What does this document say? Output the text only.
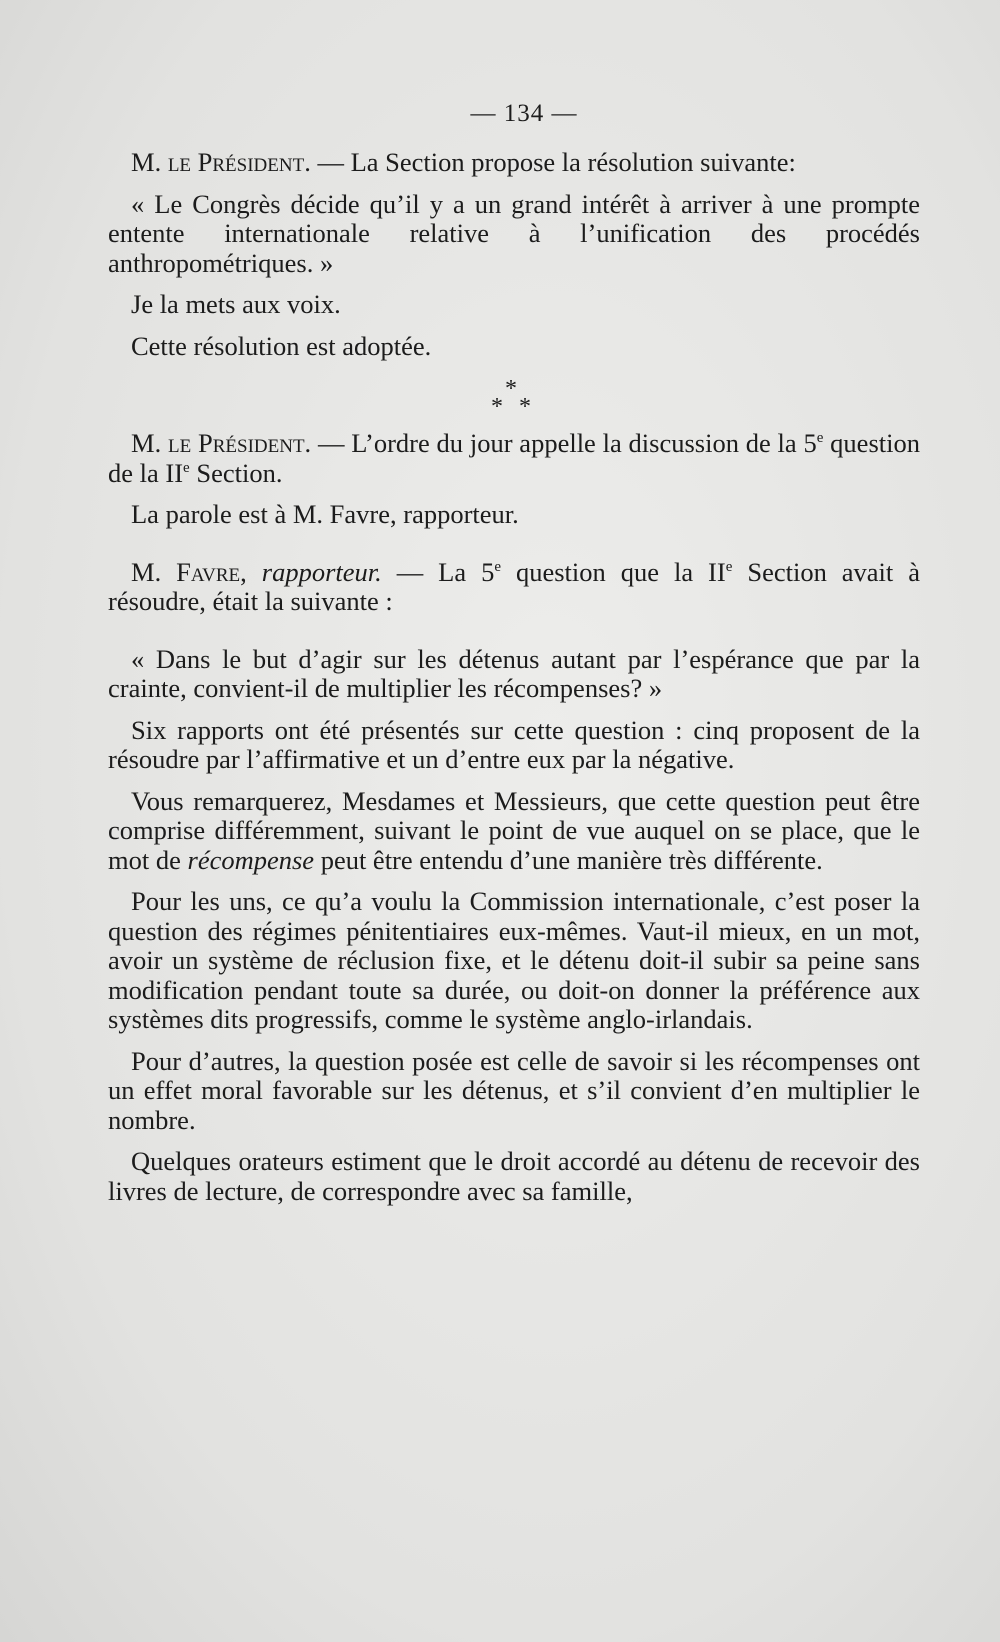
— 134 —

M. le Président. — La Section propose la résolution suivante:

« Le Congrès décide qu’il y a un grand intérêt à arriver à une prompte entente internationale relative à l’unification des procédés anthropométriques. »

Je la mets aux voix.

Cette résolution est adoptée.

*
* *

M. le Président. — L’ordre du jour appelle la discussion de la 5e question de la IIe Section.

La parole est à M. Favre, rapporteur.

M. Favre, rapporteur. — La 5e question que la IIe Section avait à résoudre, était la suivante :

« Dans le but d’agir sur les détenus autant par l’espérance que par la crainte, convient-il de multiplier les récompenses? »

Six rapports ont été présentés sur cette question : cinq proposent de la résoudre par l’affirmative et un d’entre eux par la négative.

Vous remarquerez, Mesdames et Messieurs, que cette question peut être comprise différemment, suivant le point de vue auquel on se place, que le mot de récompense peut être entendu d’une manière très différente.

Pour les uns, ce qu’a voulu la Commission internationale, c’est poser la question des régimes pénitentiaires eux-mêmes. Vaut-il mieux, en un mot, avoir un système de réclusion fixe, et le détenu doit-il subir sa peine sans modification pendant toute sa durée, ou doit-on donner la préférence aux systèmes dits progressifs, comme le système anglo-irlandais.

Pour d’autres, la question posée est celle de savoir si les récompenses ont un effet moral favorable sur les détenus, et s’il convient d’en multiplier le nombre.

Quelques orateurs estiment que le droit accordé au détenu de recevoir des livres de lecture, de correspondre avec sa famille,
